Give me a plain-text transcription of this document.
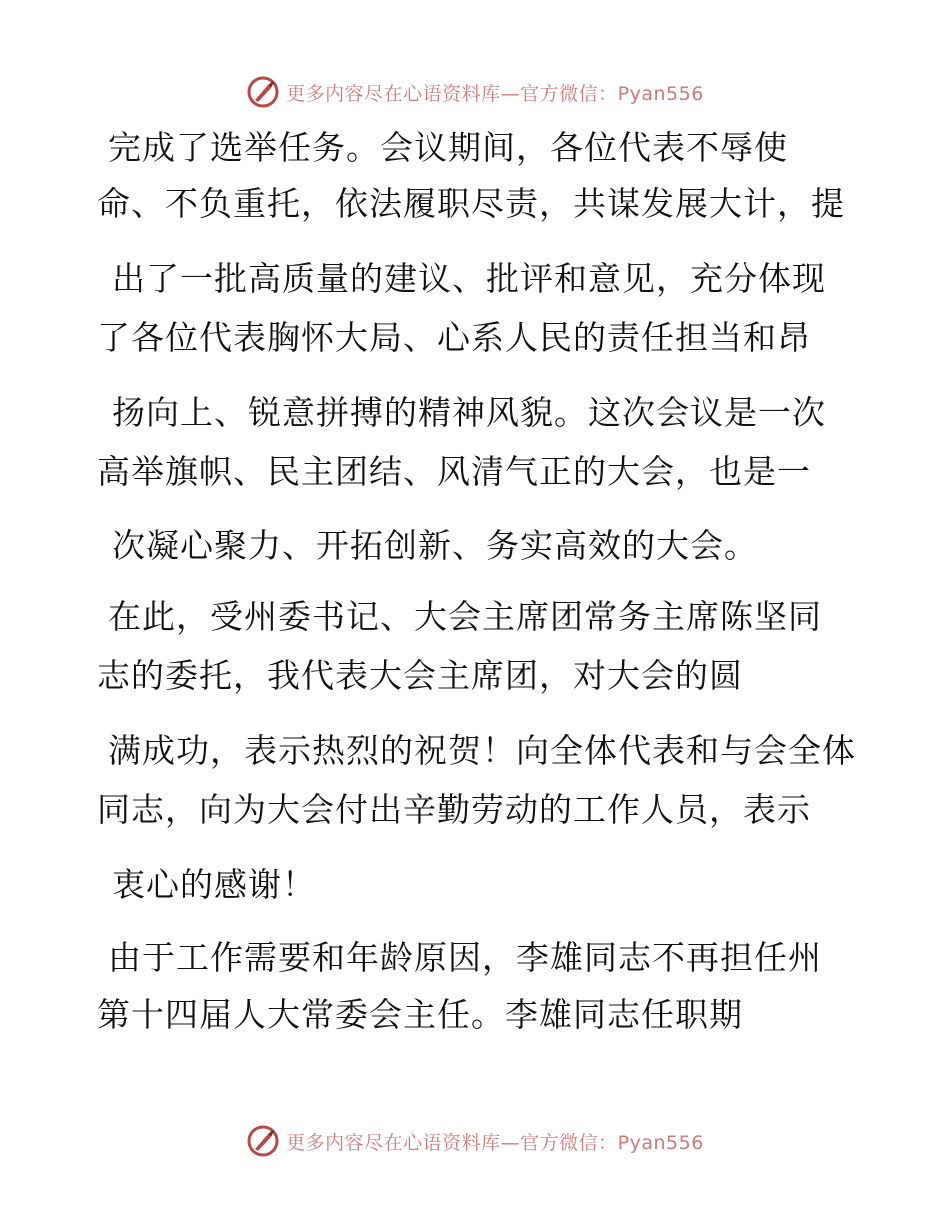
更多内容尽在心语资料库—官方微信：Pyan556
完成了选举任务。会议期间，各位代表不辱使
命、不负重托，依法履职尽责，共谋发展大计，提
出了一批高质量的建议、批评和意见，充分体现
了各位代表胸怀大局、心系人民的责任担当和昂
扬向上、锐意拼搏的精神风貌。这次会议是一次
高举旗帜、民主团结、风清气正的大会，也是一
次凝心聚力、开拓创新、务实高效的大会。
在此，受州委书记、大会主席团常务主席陈坚同
志的委托，我代表大会主席团，对大会的圆
满成功，表示热烈的祝贺！向全体代表和与会全体
同志，向为大会付出辛勤劳动的工作人员，表示
衷心的感谢！
由于工作需要和年龄原因，李雄同志不再担任州
第十四届人大常委会主任。李雄同志任职期
更多内容尽在心语资料库—官方微信：Pyan556
